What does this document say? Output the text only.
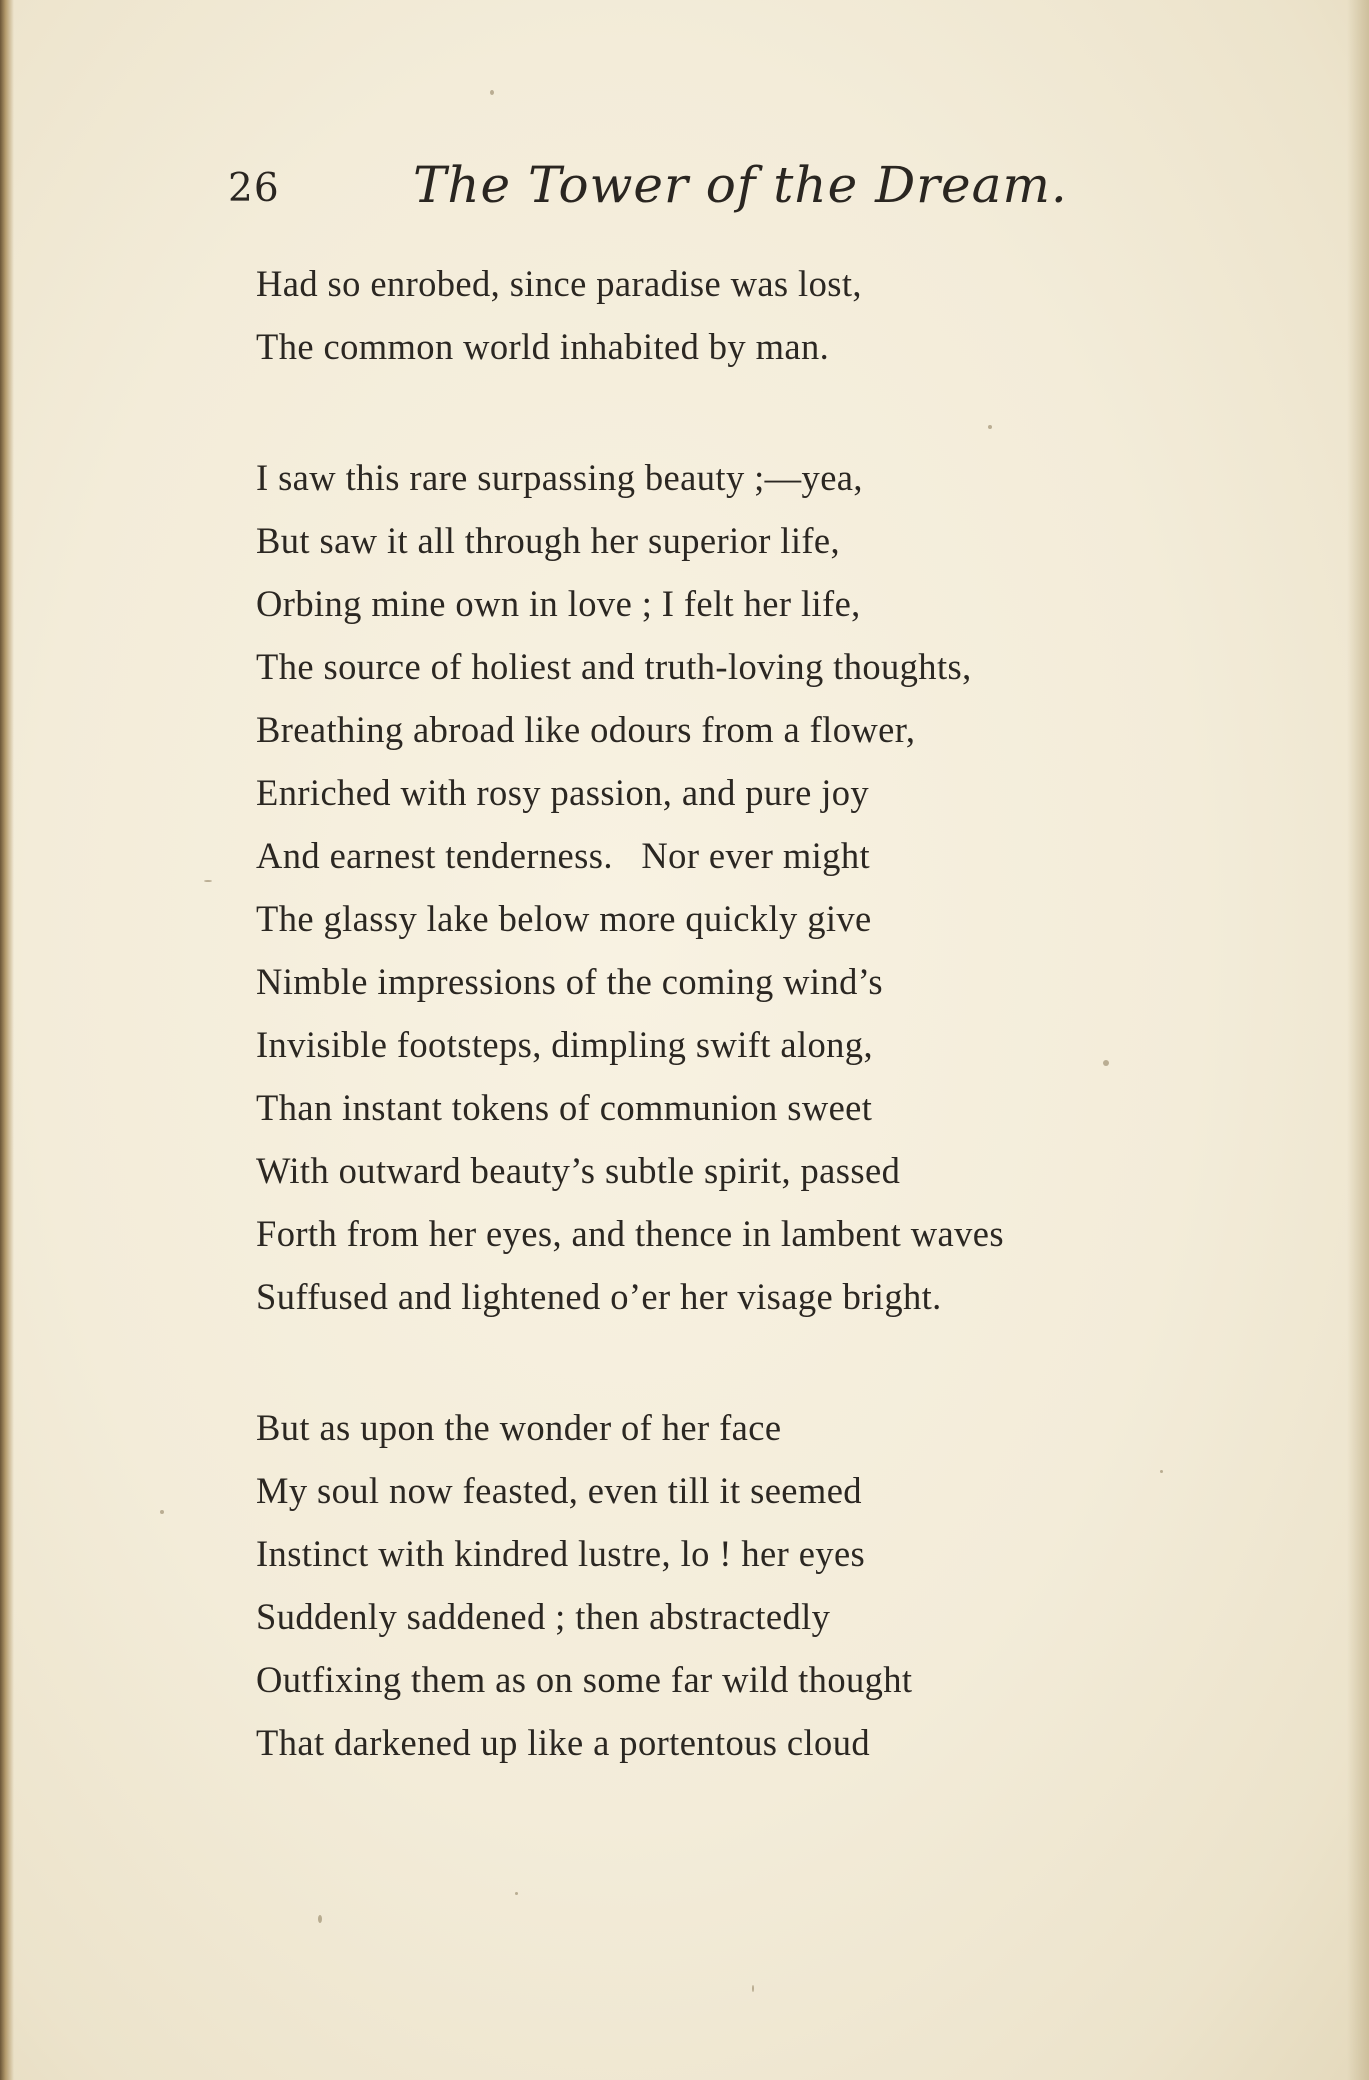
26	The Tower of the Dream.
Had so enrobed, since paradise was lost,
The common world inhabited by man.
I saw this rare surpassing beauty ;—yea,
But saw it all through her superior life,
Orbing mine own in love ; I felt her life,
The source of holiest and truth-loving thoughts,
Breathing abroad like odours from a flower,
Enriched with rosy passion, and pure joy
And earnest tenderness.   Nor ever might
The glassy lake below more quickly give
Nimble impressions of the coming wind’s
Invisible footsteps, dimpling swift along,
Than instant tokens of communion sweet
With outward beauty’s subtle spirit, passed
Forth from her eyes, and thence in lambent waves
Suffused and lightened o’er her visage bright.
But as upon the wonder of her face
My soul now feasted, even till it seemed
Instinct with kindred lustre, lo ! her eyes
Suddenly saddened ; then abstractedly
Outfixing them as on some far wild thought
That darkened up like a portentous cloud
